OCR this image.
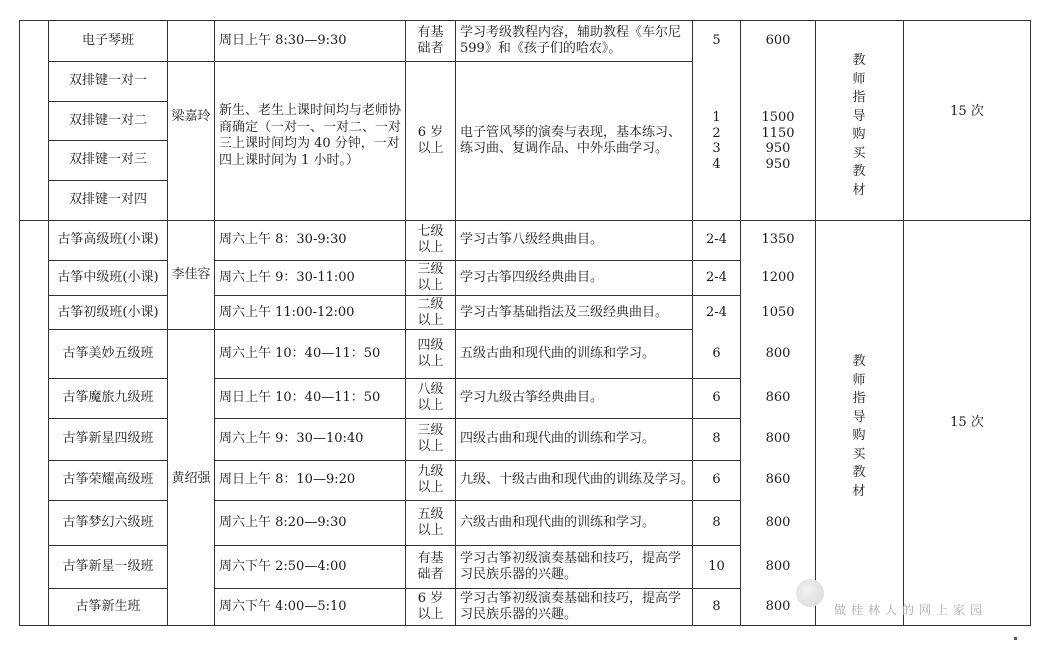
电子琴班
双排键一对一
双排键一对二
双排键一对三
双排键一对四
古筝高级班(小课)
古筝中级班(小课)
古筝初级班(小课)
古筝美妙五级班
古筝魔旅九级班
古筝新星四级班
古筝荣耀高级班
古筝梦幻六级班
古筝新星一级班
古筝新生班
梁嘉玲
李佳容
黄绍强
周日上午 8:30—9:30
新生、老生上课时间均与老师协
商确定（一对一、一对二、一对
三上课时间均为 40 分钟，一对
四上课时间为 1 小时。）
周六上午 8：30-9:30
周六上午 9：30-11:00
周六上午 11:00-12:00
周六上午 10：40—11：50
周日上午 10：40—11：50
周六上午 9：30—10:40
周日上午 8：10—9:20
周六上午 8:20—9:30
周六下午 2:50—4:00
周六下午 4:00—5:10
有基
础者
6 岁
以上
七级
以上
三级
以上
二级
以上
四级
以上
八级
以上
三级
以上
九级
以上
五级
以上
有基
础者
6 岁
以上
学习考级教程内容，辅助教程《车尔尼
599》和《孩子们的哈农》。
电子管风琴的演奏与表现，基本练习、
练习曲、复调作品、中外乐曲学习。
学习古筝八级经典曲目。
学习古筝四级经典曲目。
学习古筝基础指法及三级经典曲目。
五级古曲和现代曲的训练和学习。
学习九级古筝经典曲目。
四级古曲和现代曲的训练和学习。
九级、十级古曲和现代曲的训练及学习。
六级古曲和现代曲的训练和学习。
学习古筝初级演奏基础和技巧，提高学
习民族乐器的兴趣。
学习古筝初级演奏基础和技巧，提高学
习民族乐器的兴趣。
5
1
2
3
4
2-4
2-4
2-4
6
6
8
6
8
10
8
600
1500
1150
950
950
1350
1200
1050
800
860
800
860
800
800
800
教师指导购买教材
教师指导购买教材
15 次
15 次
做桂林人的网上家园
